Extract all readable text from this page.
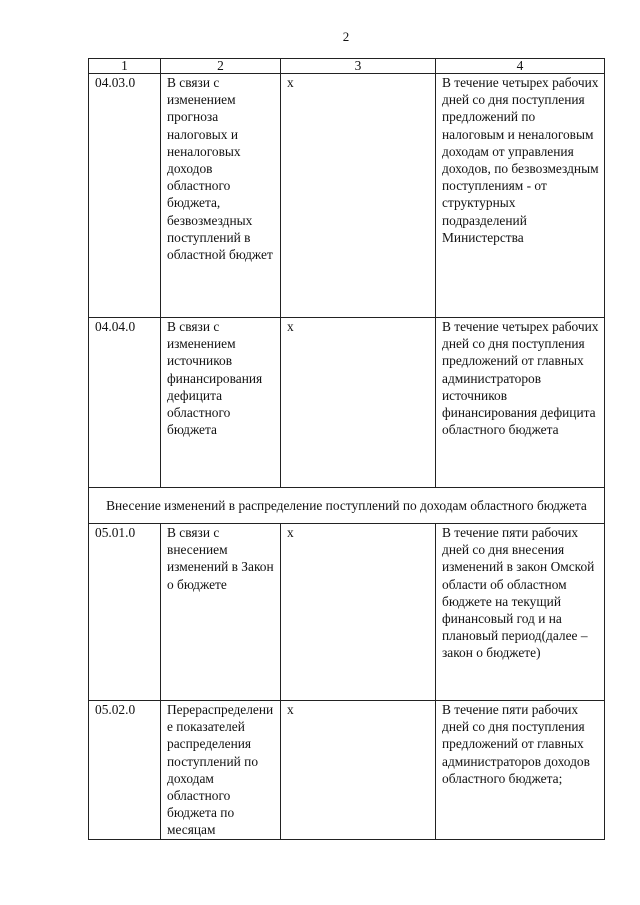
2
1	2	3	4
04.03.0	В связи с изменением прогноза налоговых и неналоговых доходов областного бюджета, безвозмездных поступлений в областной бюджет	х	В течение четырех рабочих дней со дня поступления предложений по налоговым и неналоговым доходам от управления доходов, по безвозмездным поступлениям - от структурных подразделений Министерства
04.04.0	В связи с изменением источников финансирования дефицита областного бюджета	х	В течение четырех рабочих дней со дня поступления предложений от главных администраторов источников финансирования дефицита областного бюджета
Внесение изменений в распределение поступлений по доходам областного бюджета			
05.01.0	В связи с внесением изменений в Закон о бюджете	х	В течение пяти рабочих дней со дня внесения изменений в закон Омской области об областном бюджете на текущий финансовый год и на плановый период(далее – закон о бюджете)
05.02.0	Перераспределение показателей распределения поступлений по доходам областного бюджета по месяцам	х	В течение пяти рабочих дней со дня поступления предложений от главных администраторов доходов областного бюджета;
